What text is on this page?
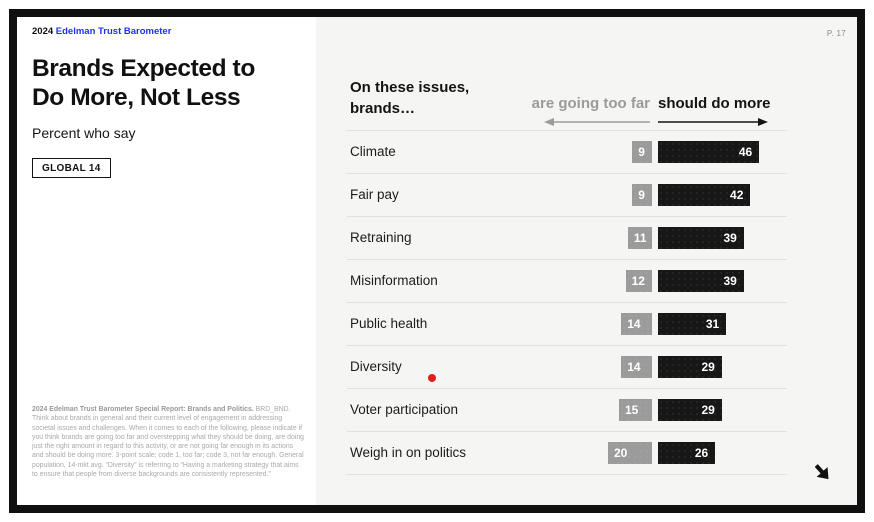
2024 Edelman Trust Barometer	P. 17
Brands Expected to
Do More, Not Less
Percent who say
GLOBAL 14
2024 Edelman Trust Barometer Special Report: Brands and Politics. BRD_BND. Think about brands in general and their current level of engagement in addressing societal issues and challenges. When it comes to each of the following, please indicate if you think brands are going too far and overstepping what they should be doing, are doing just the right amount in regard to this activity, or are not going far enough in its actions and should be doing more. 3-point scale; code 1, too far; code 3, not far enough. General population, 14-mkt avg. “Diversity” is referring to “Having a marketing strategy that aims to ensure that people from diverse backgrounds are consistently represented.”
On these issues,
brands…	are going too far should do more
Climate	9	46
Fair pay	9	42
Retraining	11	39
Misinformation	12	39
Public health	14	31
Diversity	14	29
Voter participation	15	29
Weigh in on politics	20	26
